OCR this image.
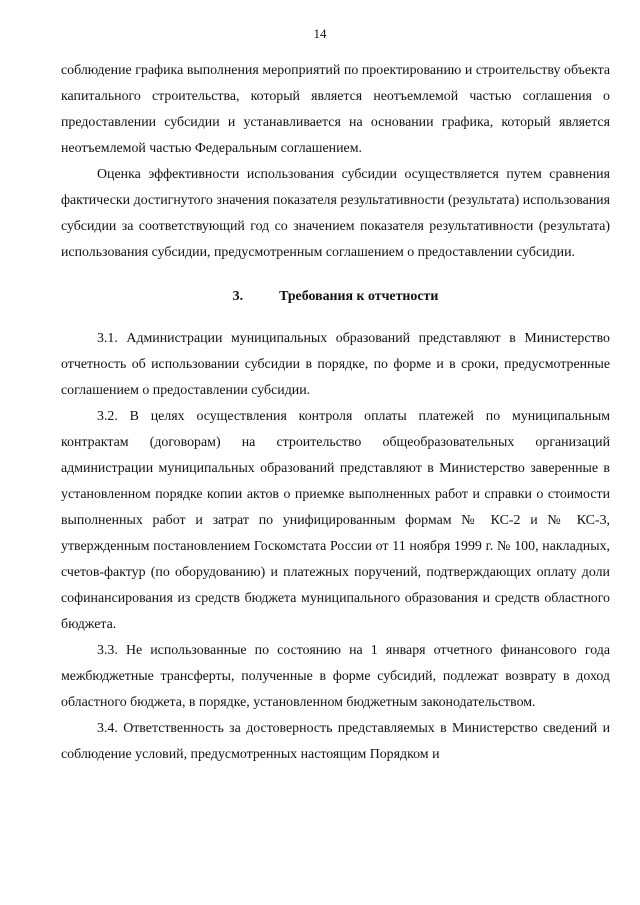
14

соблюдение графика выполнения мероприятий по проектированию и строительству объекта капитального строительства, который является неотъемлемой частью соглашения о предоставлении субсидии и устанавливается на основании графика, который является неотъемлемой частью Федеральным соглашением.

Оценка эффективности использования субсидии осуществляется путем сравнения фактически достигнутого значения показателя результативности (результата) использования субсидии за соответствующий год со значением показателя результативности (результата) использования субсидии, предусмотренным соглашением о предоставлении субсидии.

3.	Требования к отчетности

3.1. Администрации муниципальных образований представляют в Министерство отчетность об использовании субсидии в порядке, по форме и в сроки, предусмотренные соглашением о предоставлении субсидии.

3.2. В целях осуществления контроля оплаты платежей по муниципальным контрактам (договорам) на строительство общеобразовательных организаций администрации муниципальных образований представляют в Министерство заверенные в установленном порядке копии актов о приемке выполненных работ и справки о стоимости выполненных работ и затрат по унифицированным формам № КС-2 и № КС-3, утвержденным постановлением Госкомстата России от 11 ноября 1999 г. № 100, накладных, счетов-фактур (по оборудованию) и платежных поручений, подтверждающих оплату доли софинансирования из средств бюджета муниципального образования и средств областного бюджета.

3.3. Не использованные по состоянию на 1 января отчетного финансового года межбюджетные трансферты, полученные в форме субсидий, подлежат возврату в доход областного бюджета, в порядке, установленном бюджетным законодательством.

3.4. Ответственность за достоверность представляемых в Министерство сведений и соблюдение условий, предусмотренных настоящим Порядком и
